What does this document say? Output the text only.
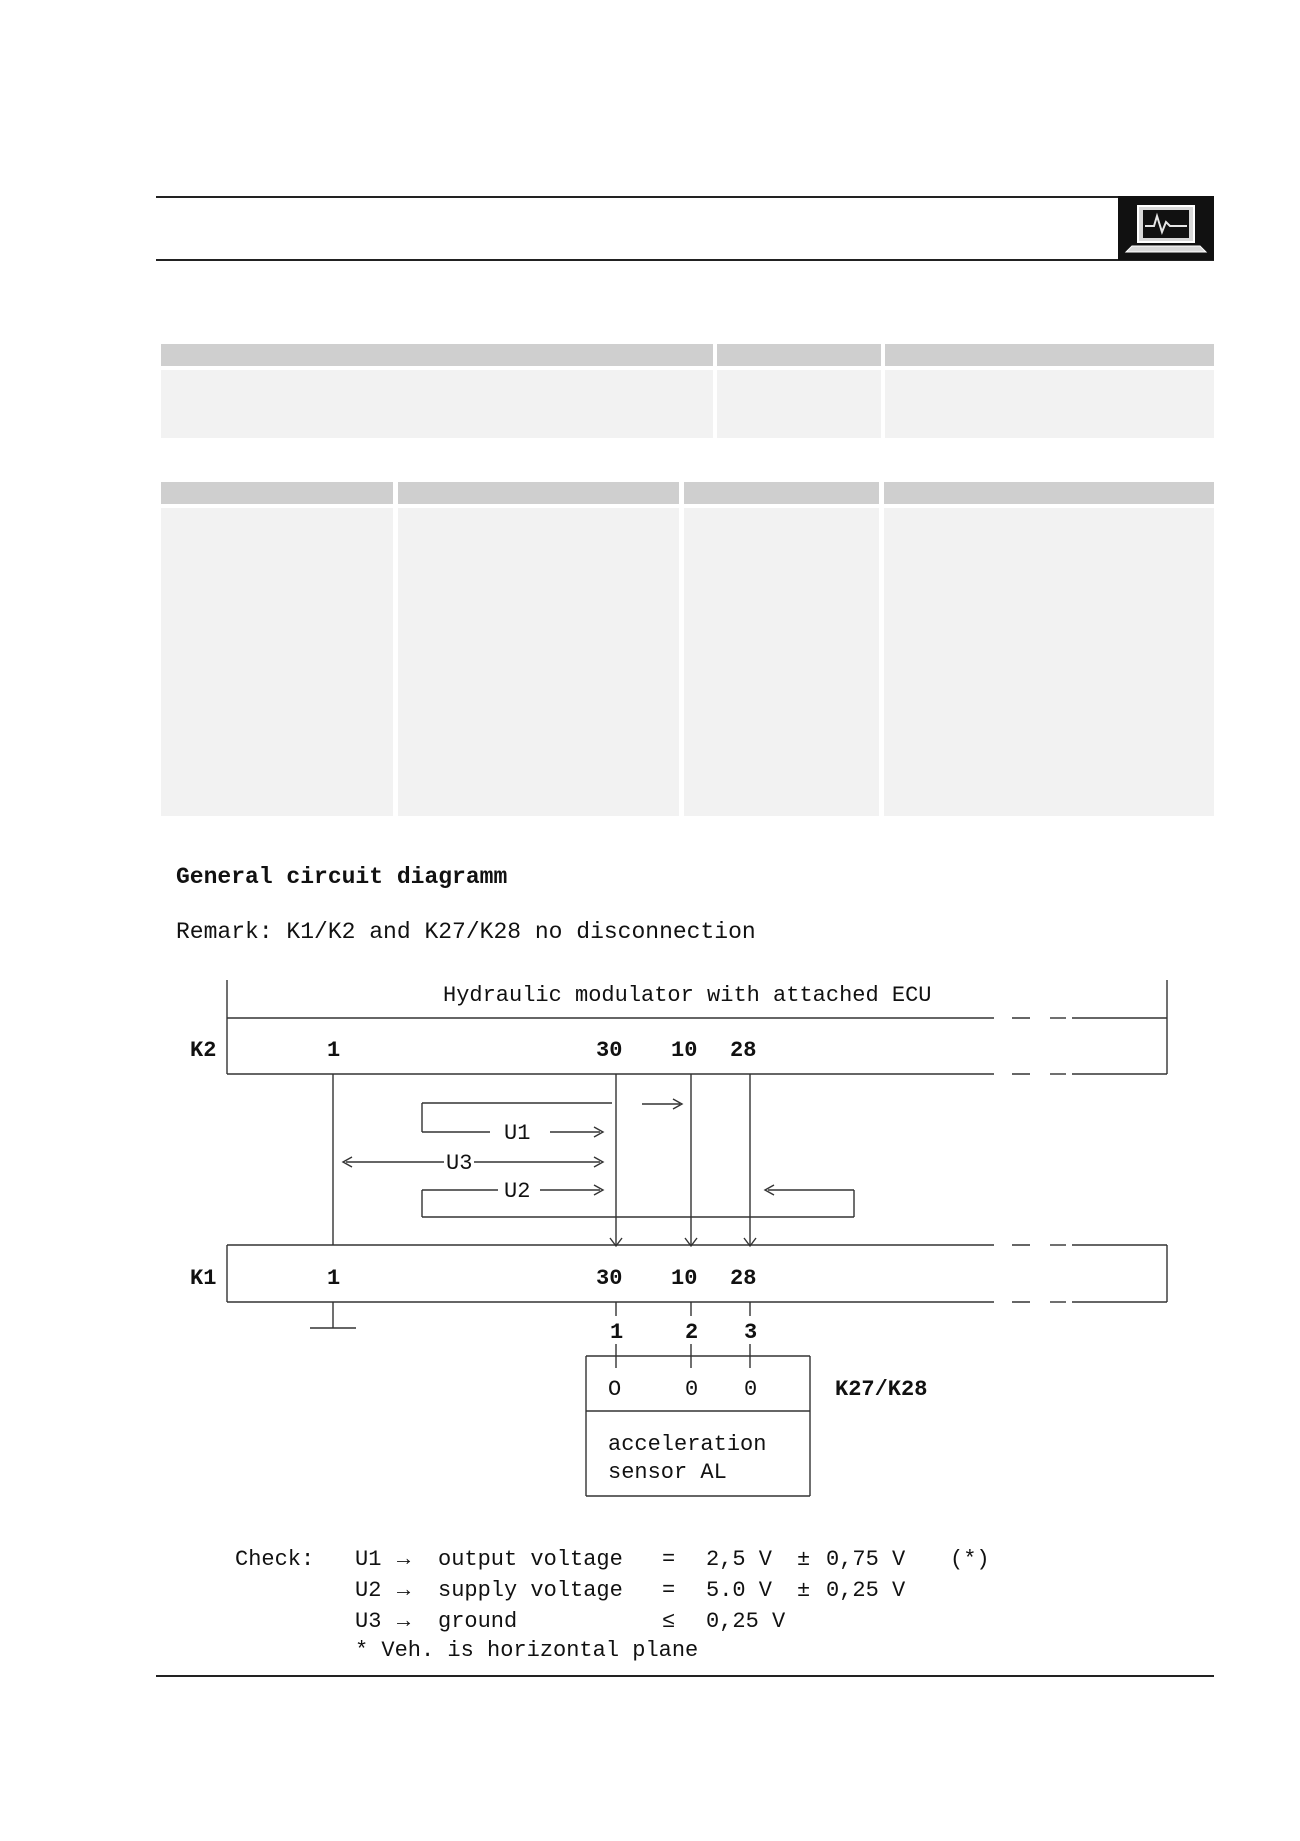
General circuit diagramm
Remark: K1/K2 and K27/K28 no disconnection
Hydraulic modulator with attached ECU
K2
K1
1	30 10 28
1	30 10 28
U1
U3
U2
1	2 3
O	0 0	K27/K28
acceleration
sensor AL
Check: U1 → output voltage = 2,5 V ± 0,75 V (*)
U2 → supply voltage = 5.0 V ± 0,25 V
U3 → ground	≤ 0,25 V
* Veh. is horizontal plane
